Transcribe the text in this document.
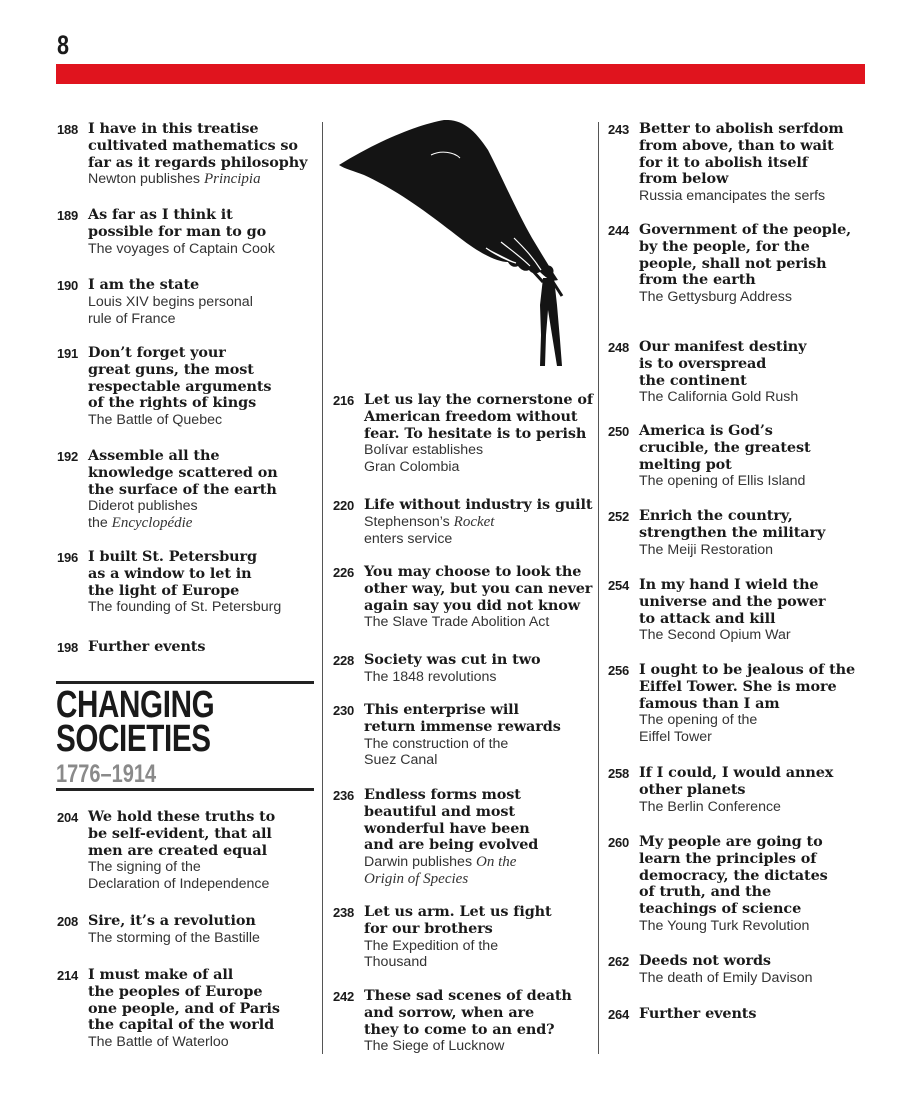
8
188 I have in this treatise
cultivated mathematics so
far as it regards philosophy
Newton publishes Principia
189 As far as I think it
possible for man to go
The voyages of Captain Cook
190 I am the state
Louis XIV begins personal
rule of France
191 Don’t forget your
great guns, the most
respectable arguments
of the rights of kings
The Battle of Quebec
192 Assemble all the
knowledge scattered on
the surface of the earth
Diderot publishes
the Encyclopédie
196 I built St. Petersburg
as a window to let in
the light of Europe
The founding of St. Petersburg
198 Further events
204 We hold these truths to
be self-evident, that all
men are created equal
The signing of the
Declaration of Independence
208 Sire, it’s a revolution
The storming of the Bastille
214 I must make of all
the peoples of Europe
one people, and of Paris
the capital of the world
The Battle of Waterloo
CHANGING
SOCIETIES
1776–1914
216 Let us lay the cornerstone of
American freedom without
fear. To hesitate is to perish
Bolívar establishes
Gran Colombia
220 Life without industry is guilt
Stephenson’s Rocket
enters service
226 You may choose to look the
other way, but you can never
again say you did not know
The Slave Trade Abolition Act
228 Society was cut in two
The 1848 revolutions
230 This enterprise will
return immense rewards
The construction of the
Suez Canal
236 Endless forms most
beautiful and most
wonderful have been
and are being evolved
Darwin publishes On the
Origin of Species
238 Let us arm. Let us fight
for our brothers
The Expedition of the
Thousand
242 These sad scenes of death
and sorrow, when are
they to come to an end?
The Siege of Lucknow
243 Better to abolish serfdom
from above, than to wait
for it to abolish itself
from below
Russia emancipates the serfs
244 Government of the people,
by the people, for the
people, shall not perish
from the earth
The Gettysburg Address
248 Our manifest destiny
is to overspread
the continent
The California Gold Rush
250 America is God’s
crucible, the greatest
melting pot
The opening of Ellis Island
252 Enrich the country,
strengthen the military
The Meiji Restoration
254 In my hand I wield the
universe and the power
to attack and kill
The Second Opium War
256 I ought to be jealous of the
Eiffel Tower. She is more
famous than I am
The opening of the
Eiffel Tower
258 If I could, I would annex
other planets
The Berlin Conference
260 My people are going to
learn the principles of
democracy, the dictates
of truth, and the
teachings of science
The Young Turk Revolution
262 Deeds not words
The death of Emily Davison
264 Further events
